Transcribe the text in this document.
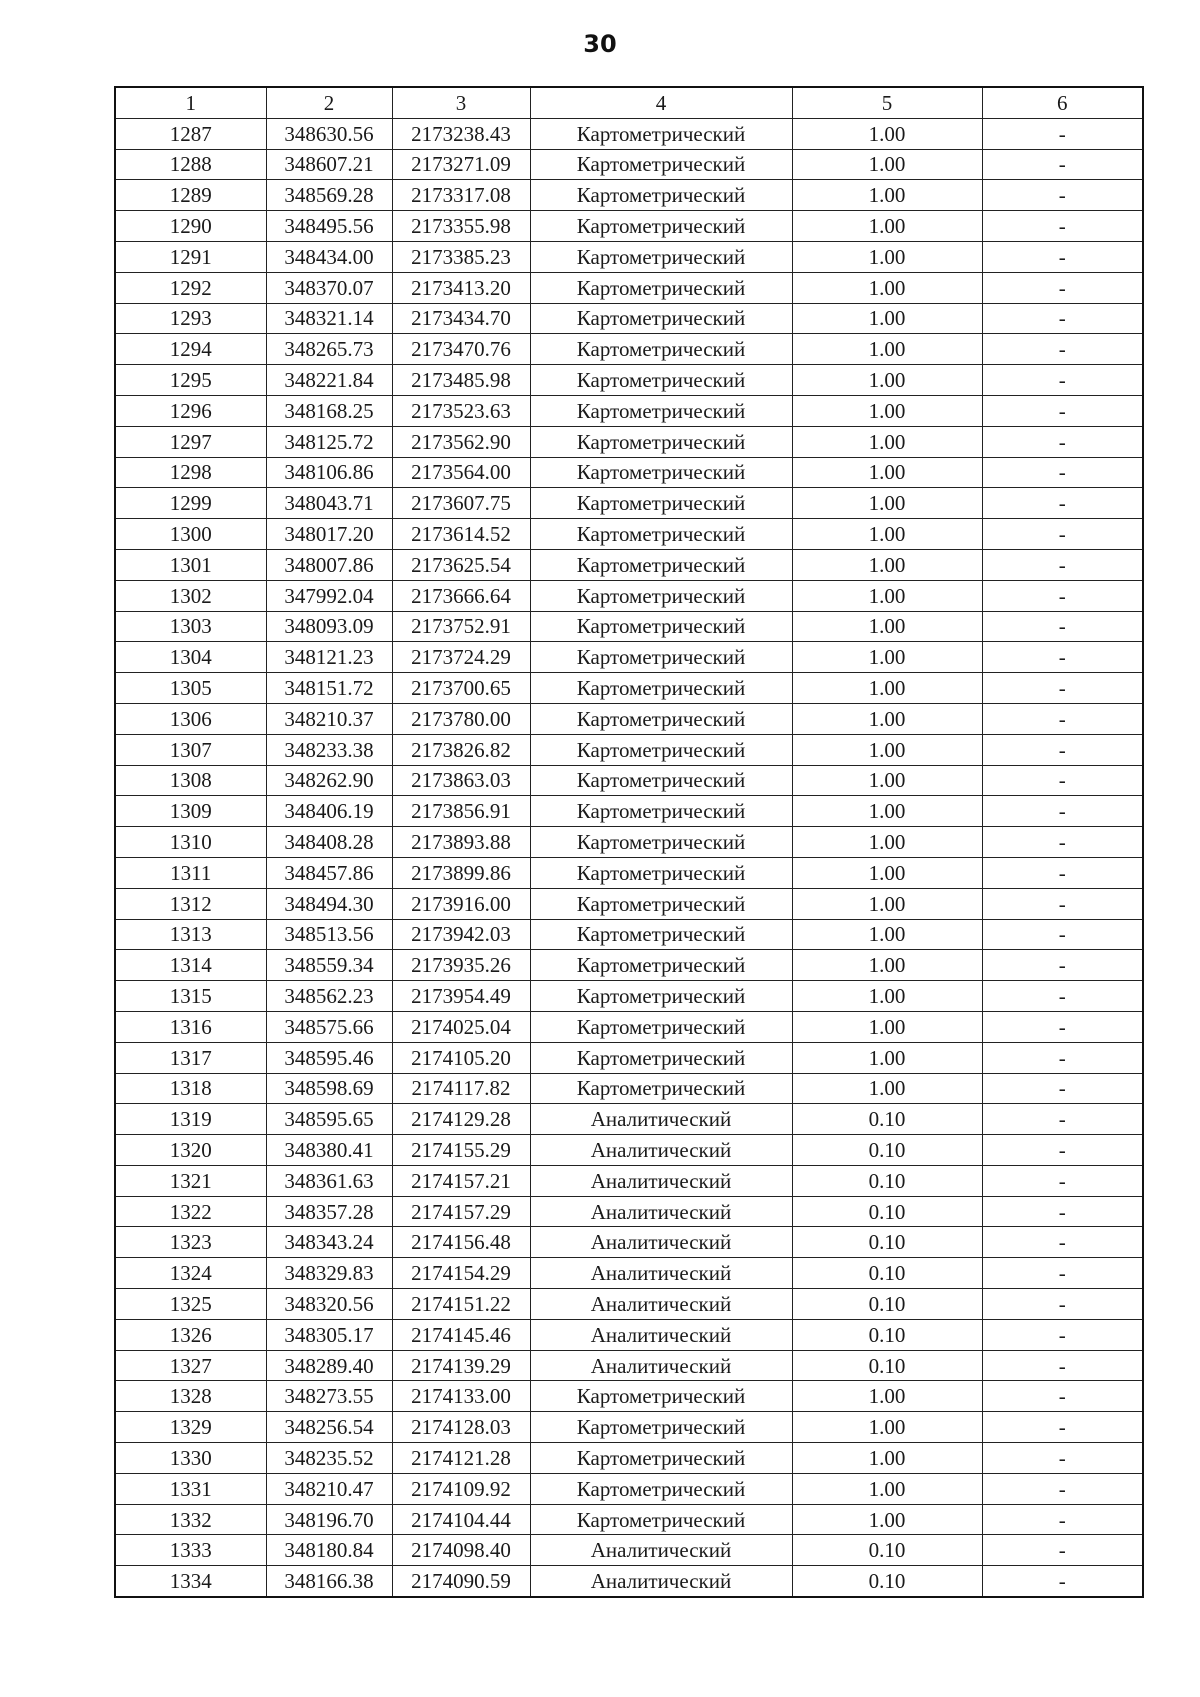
30
1	2	3	4	5	6
1287	348630.56	2173238.43	Картометрический	1.00	-
1288	348607.21	2173271.09	Картометрический	1.00	-
1289	348569.28	2173317.08	Картометрический	1.00	-
1290	348495.56	2173355.98	Картометрический	1.00	-
1291	348434.00	2173385.23	Картометрический	1.00	-
1292	348370.07	2173413.20	Картометрический	1.00	-
1293	348321.14	2173434.70	Картометрический	1.00	-
1294	348265.73	2173470.76	Картометрический	1.00	-
1295	348221.84	2173485.98	Картометрический	1.00	-
1296	348168.25	2173523.63	Картометрический	1.00	-
1297	348125.72	2173562.90	Картометрический	1.00	-
1298	348106.86	2173564.00	Картометрический	1.00	-
1299	348043.71	2173607.75	Картометрический	1.00	-
1300	348017.20	2173614.52	Картометрический	1.00	-
1301	348007.86	2173625.54	Картометрический	1.00	-
1302	347992.04	2173666.64	Картометрический	1.00	-
1303	348093.09	2173752.91	Картометрический	1.00	-
1304	348121.23	2173724.29	Картометрический	1.00	-
1305	348151.72	2173700.65	Картометрический	1.00	-
1306	348210.37	2173780.00	Картометрический	1.00	-
1307	348233.38	2173826.82	Картометрический	1.00	-
1308	348262.90	2173863.03	Картометрический	1.00	-
1309	348406.19	2173856.91	Картометрический	1.00	-
1310	348408.28	2173893.88	Картометрический	1.00	-
1311	348457.86	2173899.86	Картометрический	1.00	-
1312	348494.30	2173916.00	Картометрический	1.00	-
1313	348513.56	2173942.03	Картометрический	1.00	-
1314	348559.34	2173935.26	Картометрический	1.00	-
1315	348562.23	2173954.49	Картометрический	1.00	-
1316	348575.66	2174025.04	Картометрический	1.00	-
1317	348595.46	2174105.20	Картометрический	1.00	-
1318	348598.69	2174117.82	Картометрический	1.00	-
1319	348595.65	2174129.28	Аналитический	0.10	-
1320	348380.41	2174155.29	Аналитический	0.10	-
1321	348361.63	2174157.21	Аналитический	0.10	-
1322	348357.28	2174157.29	Аналитический	0.10	-
1323	348343.24	2174156.48	Аналитический	0.10	-
1324	348329.83	2174154.29	Аналитический	0.10	-
1325	348320.56	2174151.22	Аналитический	0.10	-
1326	348305.17	2174145.46	Аналитический	0.10	-
1327	348289.40	2174139.29	Аналитический	0.10	-
1328	348273.55	2174133.00	Картометрический	1.00	-
1329	348256.54	2174128.03	Картометрический	1.00	-
1330	348235.52	2174121.28	Картометрический	1.00	-
1331	348210.47	2174109.92	Картометрический	1.00	-
1332	348196.70	2174104.44	Картометрический	1.00	-
1333	348180.84	2174098.40	Аналитический	0.10	-
1334	348166.38	2174090.59	Аналитический	0.10	-
